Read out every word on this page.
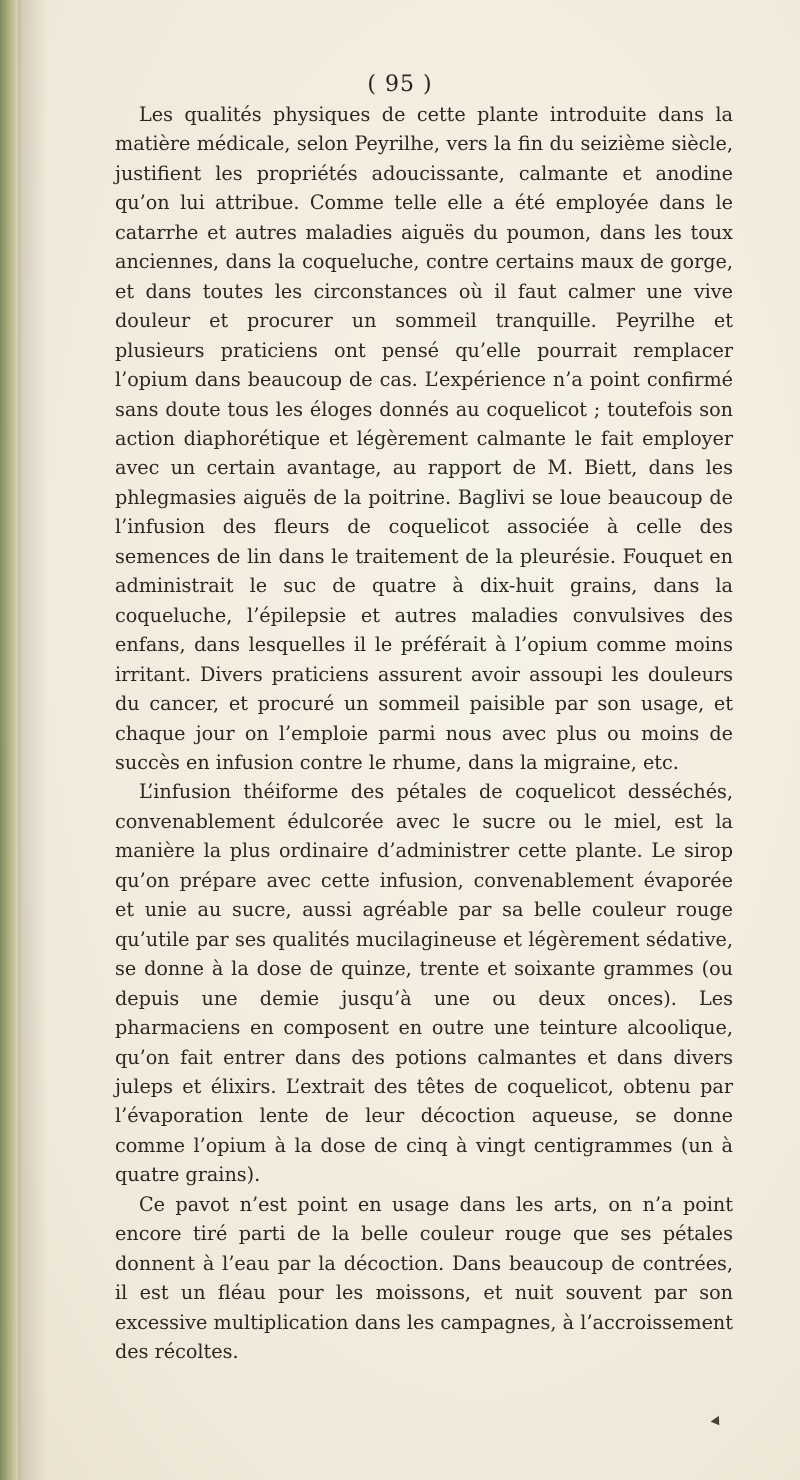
( 95 )

Les qualités physiques de cette plante introduite dans la matière médicale, selon Peyrilhe, vers la fin du seizième siècle, justifient les propriétés adoucissante, calmante et anodine qu’on lui attribue. Comme telle elle a été employée dans le catarrhe et autres maladies aiguës du poumon, dans les toux anciennes, dans la coqueluche, contre certains maux de gorge, et dans toutes les circonstances où il faut calmer une vive douleur et procurer un sommeil tranquille. Peyrilhe et plusieurs praticiens ont pensé qu’elle pourrait remplacer l’opium dans beaucoup de cas. L’expérience n’a point confirmé sans doute tous les éloges donnés au coquelicot ; toutefois son action diaphorétique et légèrement calmante le fait employer avec un certain avantage, au rapport de M. Biett, dans les phlegmasies aiguës de la poitrine. Baglivi se loue beaucoup de l’infusion des fleurs de coquelicot associée à celle des semences de lin dans le traitement de la pleurésie. Fouquet en administrait le suc de quatre à dix-huit grains, dans la coqueluche, l’épilepsie et autres maladies convulsives des enfans, dans lesquelles il le préférait à l’opium comme moins irritant. Divers praticiens assurent avoir assoupi les douleurs du cancer, et procuré un sommeil paisible par son usage, et chaque jour on l’emploie parmi nous avec plus ou moins de succès en infusion contre le rhume, dans la migraine, etc.

L’infusion théiforme des pétales de coquelicot desséchés, convenablement édulcorée avec le sucre ou le miel, est la manière la plus ordinaire d’administrer cette plante. Le sirop qu’on prépare avec cette infusion, convenablement évaporée et unie au sucre, aussi agréable par sa belle couleur rouge qu’utile par ses qualités mucilagineuse et légèrement sédative, se donne à la dose de quinze, trente et soixante grammes (ou depuis une demie jusqu’à une ou deux onces). Les pharmaciens en composent en outre une teinture alcoolique, qu’on fait entrer dans des potions calmantes et dans divers juleps et élixirs. L’extrait des têtes de coquelicot, obtenu par l’évaporation lente de leur décoction aqueuse, se donne comme l’opium à la dose de cinq à vingt centigrammes (un à quatre grains).

Ce pavot n’est point en usage dans les arts, on n’a point encore tiré parti de la belle couleur rouge que ses pétales donnent à l’eau par la décoction. Dans beaucoup de contrées, il est un fléau pour les moissons, et nuit souvent par son excessive multiplication dans les campagnes, à l’accroissement des récoltes.
